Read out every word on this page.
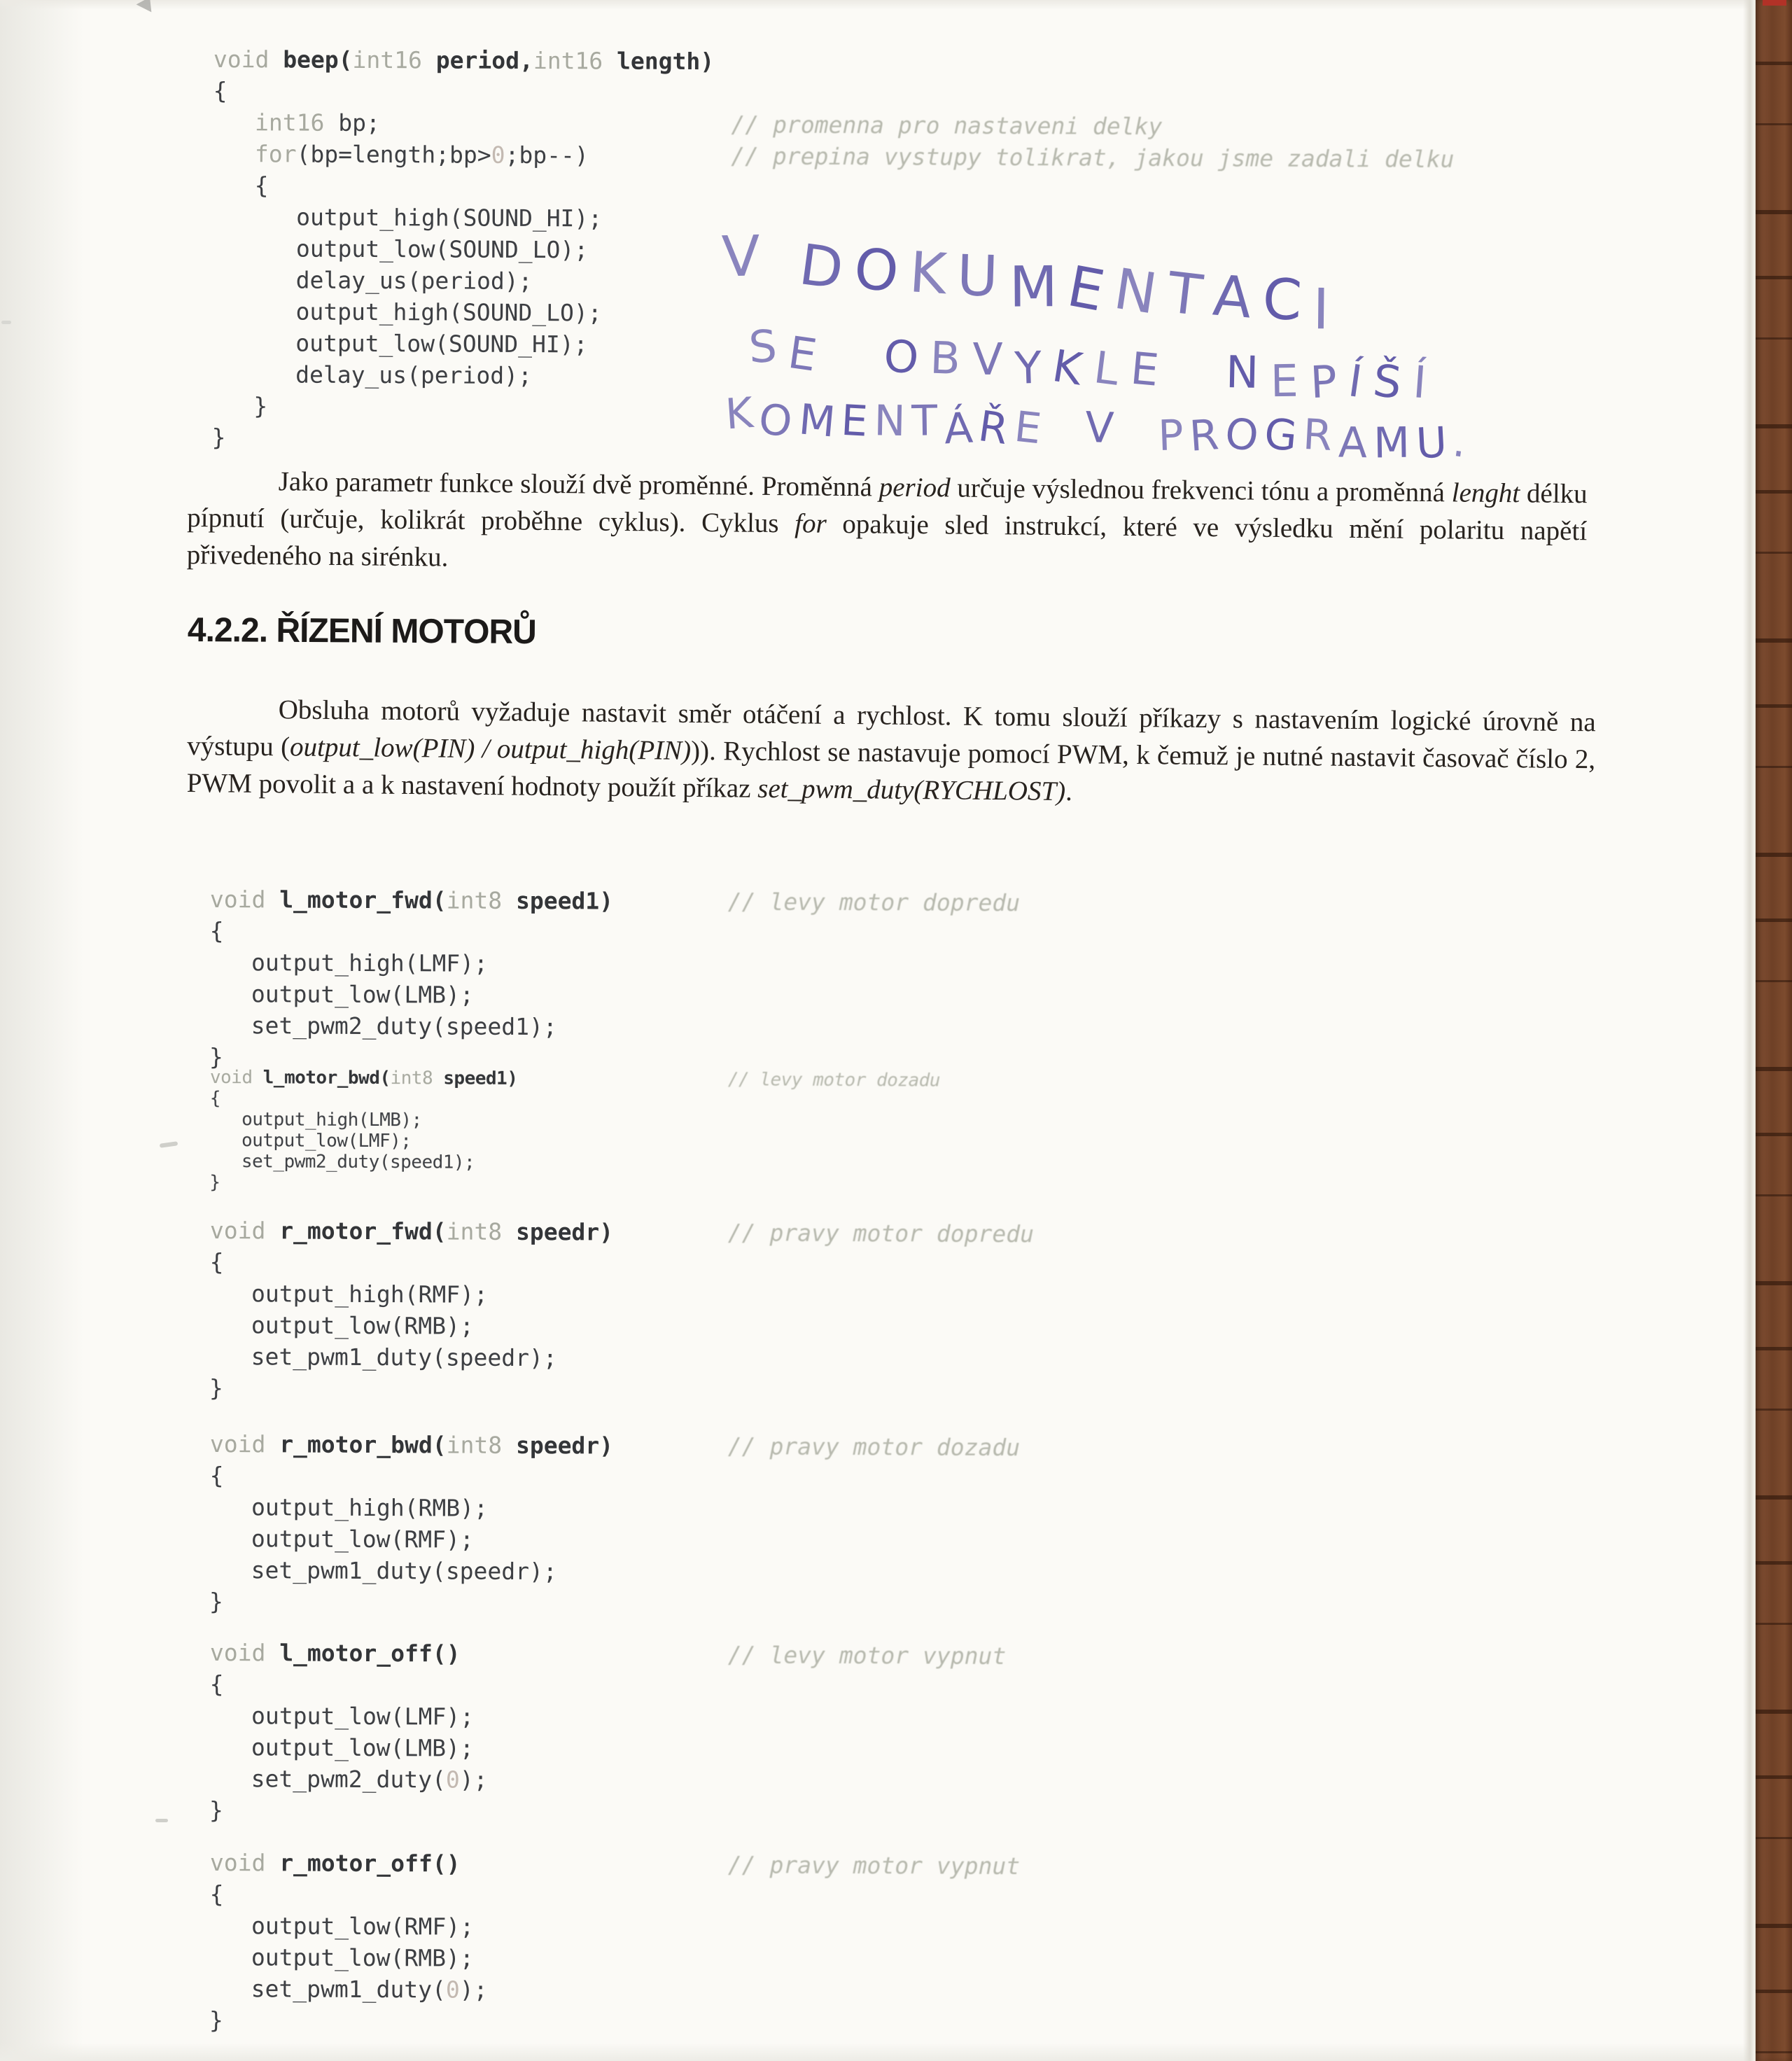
V DOKUMENTACI
SE OBVYKLE NEPÍŠÍ
KOMENTÁŘE V PROGRAMU.
Jako parametr funkce slouží dvě proměnné. Proměnná period určuje výslednou frekvenci tónu a proměnná lenght délku pípnutí (určuje, kolikrát proběhne cyklus). Cyklus for opakuje sled instrukcí, které ve výsledku mění polaritu napětí přivedeného na sirénku.
4.2.2. ŘÍZENÍ MOTORŮ
Obsluha motorů vyžaduje nastavit směr otáčení a rychlost. K tomu slouží příkazy s nastavením logické úrovně na výstupu (output_low(PIN) / output_high(PIN))). Rychlost se nastavuje pomocí PWM, k čemuž je nutné nastavit časovač číslo 2, PWM povolit a a k nastavení hodnoty použít příkaz set_pwm_duty(RYCHLOST).
void beep(int16 period,int16 length)
{
int16 bp;	// promenna pro nastaveni delky
for(bp=length;bp>0;bp--)	// prepina vystupy tolikrat, jakou jsme zadali delku
{
output_high(SOUND_HI);
output_low(SOUND_LO);
delay_us(period);
output_high(SOUND_LO);
output_low(SOUND_HI);
delay_us(period);
}
}
void l_motor_fwd(int8 speed1)	// levy motor dopredu
{
output_high(LMF);
output_low(LMB);
set_pwm2_duty(speed1);
}
void l_motor_bwd(int8 speed1)	// levy motor dozadu
{
output_high(LMB);
output_low(LMF);
set_pwm2_duty(speed1);
}
void r_motor_fwd(int8 speedr)	// pravy motor dopredu
{
output_high(RMF);
output_low(RMB);
set_pwm1_duty(speedr);
}
void r_motor_bwd(int8 speedr)	// pravy motor dozadu
{
output_high(RMB);
output_low(RMF);
set_pwm1_duty(speedr);
}
void l_motor_off()	// levy motor vypnut
{
output_low(LMF);
output_low(LMB);
set_pwm2_duty(0);
}
void r_motor_off()	// pravy motor vypnut
{
output_low(RMF);
output_low(RMB);
set_pwm1_duty(0);
}
